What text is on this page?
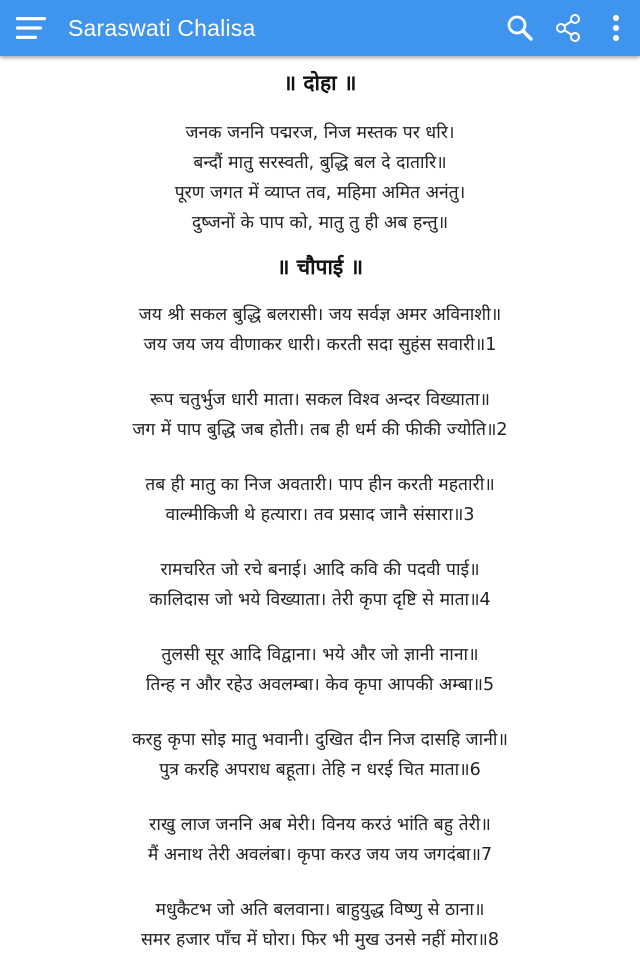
Saraswati Chalisa
॥ दोहा ॥
जनक जननि पद्मरज, निज मस्तक पर धरि।
बन्दौं मातु सरस्वती, बुद्धि बल दे दातारि॥
पूरण जगत में व्याप्त तव, महिमा अमित अनंतु।
दुष्जनों के पाप को, मातु तु ही अब हन्तु॥
॥ चौपाई ॥
जय श्री सकल बुद्धि बलरासी। जय सर्वज्ञ अमर अविनाशी॥
जय जय जय वीणाकर धारी। करती सदा सुहंस सवारी॥1
रूप चतुर्भुज धारी माता। सकल विश्व अन्दर विख्याता॥
जग में पाप बुद्धि जब होती। तब ही धर्म की फीकी ज्योति॥2
तब ही मातु का निज अवतारी। पाप हीन करती महतारी॥
वाल्मीकिजी थे हत्यारा। तव प्रसाद जानै संसारा॥3
रामचरित जो रचे बनाई। आदि कवि की पदवी पाई॥
कालिदास जो भये विख्याता। तेरी कृपा दृष्टि से माता॥4
तुलसी सूर आदि विद्वाना। भये और जो ज्ञानी नाना॥
तिन्ह न और रहेउ अवलम्बा। केव कृपा आपकी अम्बा॥5
करहु कृपा सोइ मातु भवानी। दुखित दीन निज दासहि जानी॥
पुत्र करहि अपराध बहूता। तेहि न धरई चित माता॥6
राखु लाज जननि अब मेरी। विनय करउं भांति बहु तेरी॥
मैं अनाथ तेरी अवलंबा। कृपा करउ जय जय जगदंबा॥7
मधुकैटभ जो अति बलवाना। बाहुयुद्ध विष्णु से ठाना॥
समर हजार पाँच में घोरा। फिर भी मुख उनसे नहीं मोरा॥8
